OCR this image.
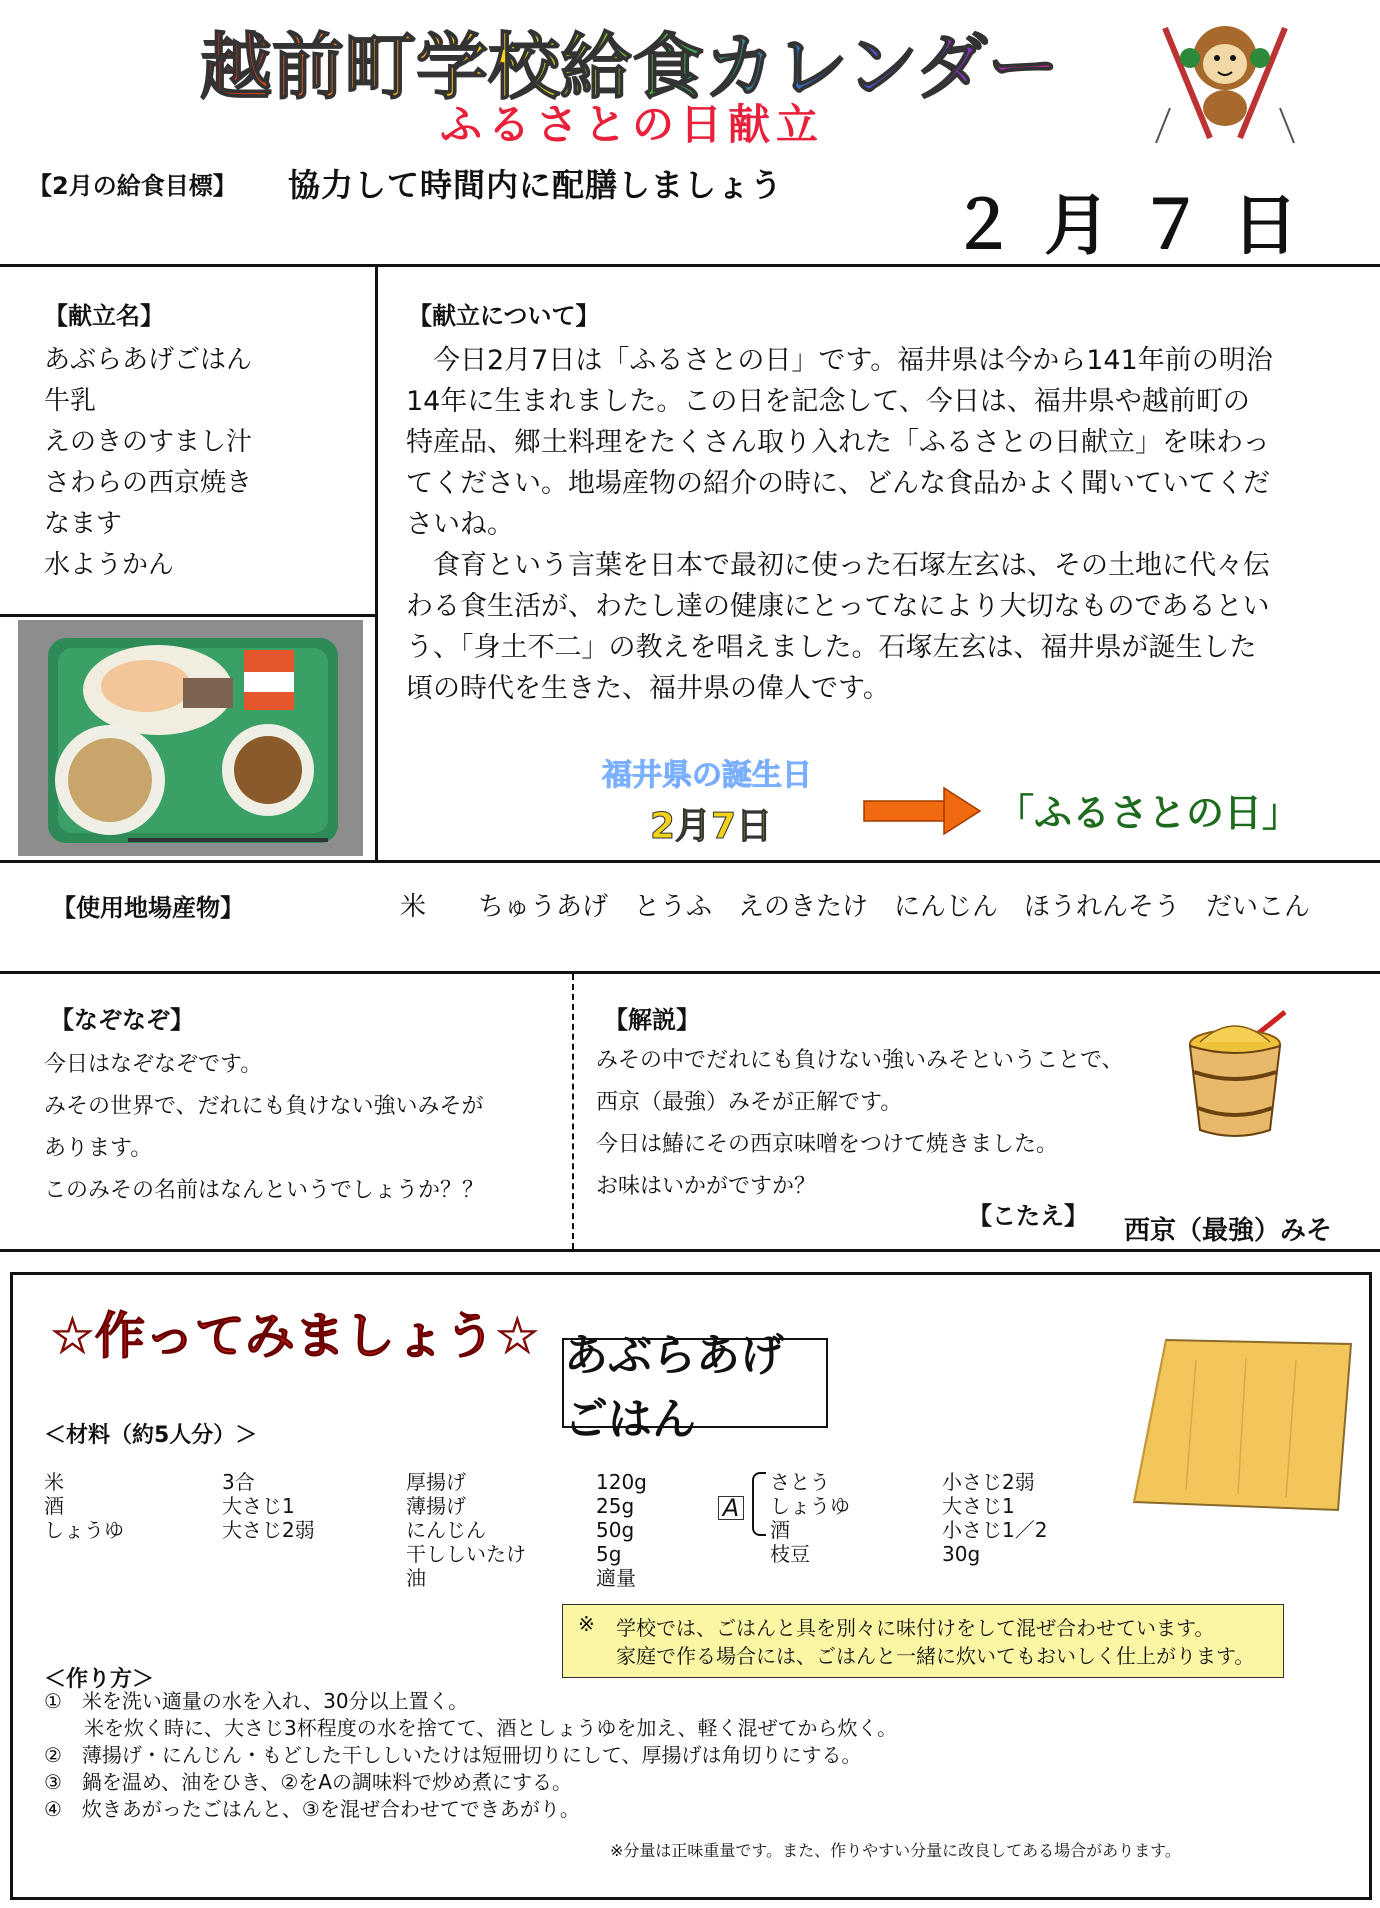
越前町学校給食カレンダー
ふるさとの日献立
【2月の給食目標】 協力して時間内に配膳しましょう
２月７日
【献立名】
あぶらあげごはん
牛乳
えのきのすまし汁
さわらの西京焼き
なます
水ようかん
【献立について】

今日2月7日は「ふるさとの日」です。福井県は今から141年前の明治14年に生まれました。この日を記念して、今日は、福井県や越前町の特産品、郷土料理をたくさん取り入れた「ふるさとの日献立」を味わってください。地場産物の紹介の時に、どんな食品かよく聞いていてくださいね。

食育という言葉を日本で最初に使った石塚左玄は、その土地に代々伝わる食生活が、わたし達の健康にとってなにより大切なものであるという、「身土不二」の教えを唱えました。石塚左玄は、福井県が誕生した頃の時代を生きた、福井県の偉人です。

福井県の誕生日
2月7日	「ふるさとの日」
【使用地場産物】	米　　ちゅうあげ　とうふ　えのきたけ　にんじん　ほうれんそう　だいこん
【なぞなぞ】
今日はなぞなぞです。
みその世界で、だれにも負けない強いみそが
あります。
このみその名前はなんというでしょうか？？
【解説】
みその中でだれにも負けない強いみそということで、
西京（最強）みそが正解です。
今日は鰆にその西京味噌をつけて焼きました。
お味はいかがですか？
【こたえ】 西京（最強）みそ
☆作ってみましょう☆ あぶらあげごはん
＜材料（約5人分）＞
米	3合
酒	大さじ1
しょうゆ	大さじ2弱
厚揚げ	120g
薄揚げ	25g
にんじん	50g
干ししいたけ	5g
油	適量
A
さとう	小さじ2弱
しょうゆ	大さじ1
酒	小さじ1／2
枝豆	30g
※ 学校では、ごはんと具を別々に味付けをして混ぜ合わせています。
家庭で作る場合には、ごはんと一緒に炊いてもおいしく仕上がります。
＜作り方＞
①　米を洗い適量の水を入れ、30分以上置く。
　　米を炊く時に、大さじ3杯程度の水を捨てて、酒としょうゆを加え、軽く混ぜてから炊く。
②　薄揚げ・にんじん・もどした干ししいたけは短冊切りにして、厚揚げは角切りにする。
③　鍋を温め、油をひき、②をAの調味料で炒め煮にする。
④　炊きあがったごはんと、③を混ぜ合わせてできあがり。
※分量は正味重量です。また、作りやすい分量に改良してある場合があります。
